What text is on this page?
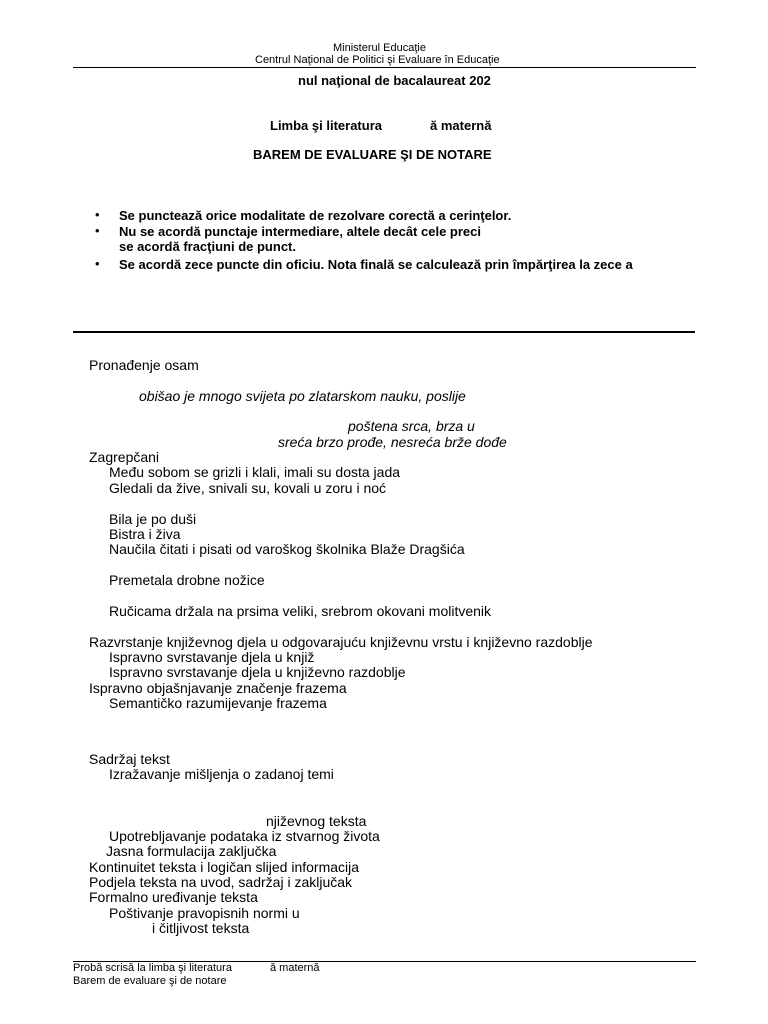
Ministerul Educaţie
Centrul Naţional de Politici şi Evaluare în Educaţie
nul naţional de bacalaureat 202
Limba şi literatura	ă maternă
BAREM DE EVALUARE ŞI DE NOTARE
• Se punctează orice modalitate de rezolvare corectă a cerinţelor.
• Nu se acordă punctaje intermediare, altele decât cele preci
se acordă fracţiuni de punct.
• Se acordă zece puncte din oficiu. Nota finală se calculează prin împărţirea la zece a
Pronađenje osam
obišao je mnogo svijeta po zlatarskom nauku, poslije
poštena srca, brza u
sreća brzo prođe, nesreća brže dođe
Zagrepčani
Među sobom se grizli i klali, imali su dosta jada
Gledali da žive, snivali su, kovali u zoru i noć
Bila je po duši
Bistra i živa
Naučila čitati i pisati od varoškog školnika Blaže Dragšića
Premetala drobne nožice
Ručicama držala na prsima veliki, srebrom okovani molitvenik
Razvrstanje književnog djela u odgovarajuću književnu vrstu i književno razdoblje
Ispravno svrstavanje djela u knjiž
Ispravno svrstavanje djela u književno razdoblje
Ispravno objašnjavanje značenje frazema
Semantičko razumijevanje frazema
Sadržaj tekst
Izražavanje mišljenja o zadanoj temi
njiževnog teksta
Upotrebljavanje podataka iz stvarnog života
Jasna formulacija zaključka
Kontinuitet teksta i logičan slijed informacija
Podjela teksta na uvod, sadržaj i zaključak
Formalno uređivanje teksta
Poštivanje pravopisnih normi u
i čitljivost teksta
Probă scrisă la limba şi literatura	ă maternă
Barem de evaluare şi de notare
